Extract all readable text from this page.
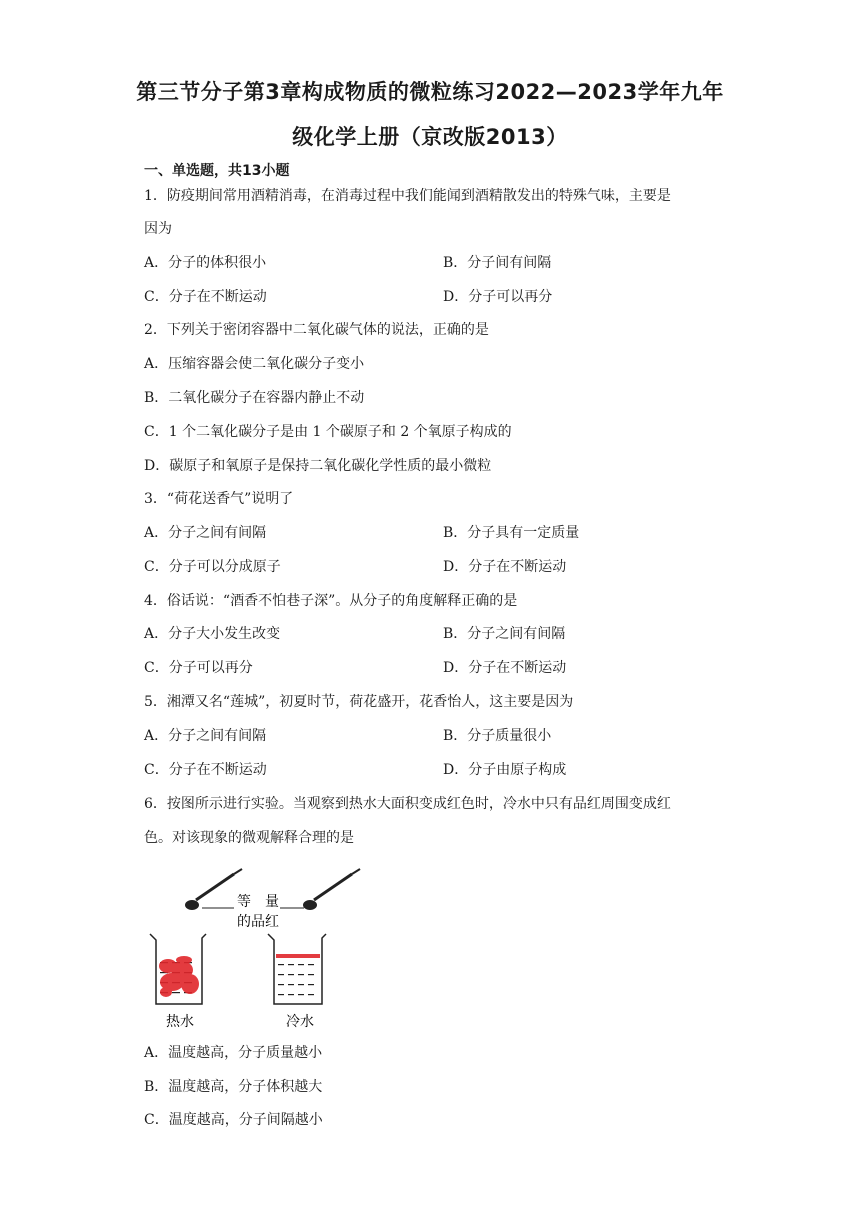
第三节分子第3章构成物质的微粒练习2022—2023学年九年
级化学上册（京改版2013）
一、单选题，共13小题
1．防疫期间常用酒精消毒，在消毒过程中我们能闻到酒精散发出的特殊气味，主要是
因为
A．分子的体积很小	B．分子间有间隔
C．分子在不断运动	D．分子可以再分
2．下列关于密闭容器中二氧化碳气体的说法，正确的是
A．压缩容器会使二氧化碳分子变小
B．二氧化碳分子在容器内静止不动
C．1 个二氧化碳分子是由 1 个碳原子和 2 个氧原子构成的
D．碳原子和氧原子是保持二氧化碳化学性质的最小微粒
3．“荷花送香气”说明了
A．分子之间有间隔	B．分子具有一定质量
C．分子可以分成原子	D．分子在不断运动
4．俗话说：“酒香不怕巷子深”。从分子的角度解释正确的是
A．分子大小发生改变	B．分子之间有间隔
C．分子可以再分	D．分子在不断运动
5．湘潭又名“莲城”，初夏时节，荷花盛开，花香怡人，这主要是因为
A．分子之间有间隔	B．分子质量很小
C．分子在不断运动	D．分子由原子构成
6．按图所示进行实验。当观察到热水大面积变成红色时，冷水中只有品红周围变成红
色。对该现象的微观解释合理的是
等　量
的品红
热水	冷水
A．温度越高，分子质量越小
B．温度越高，分子体积越大
C．温度越高，分子间隔越小
